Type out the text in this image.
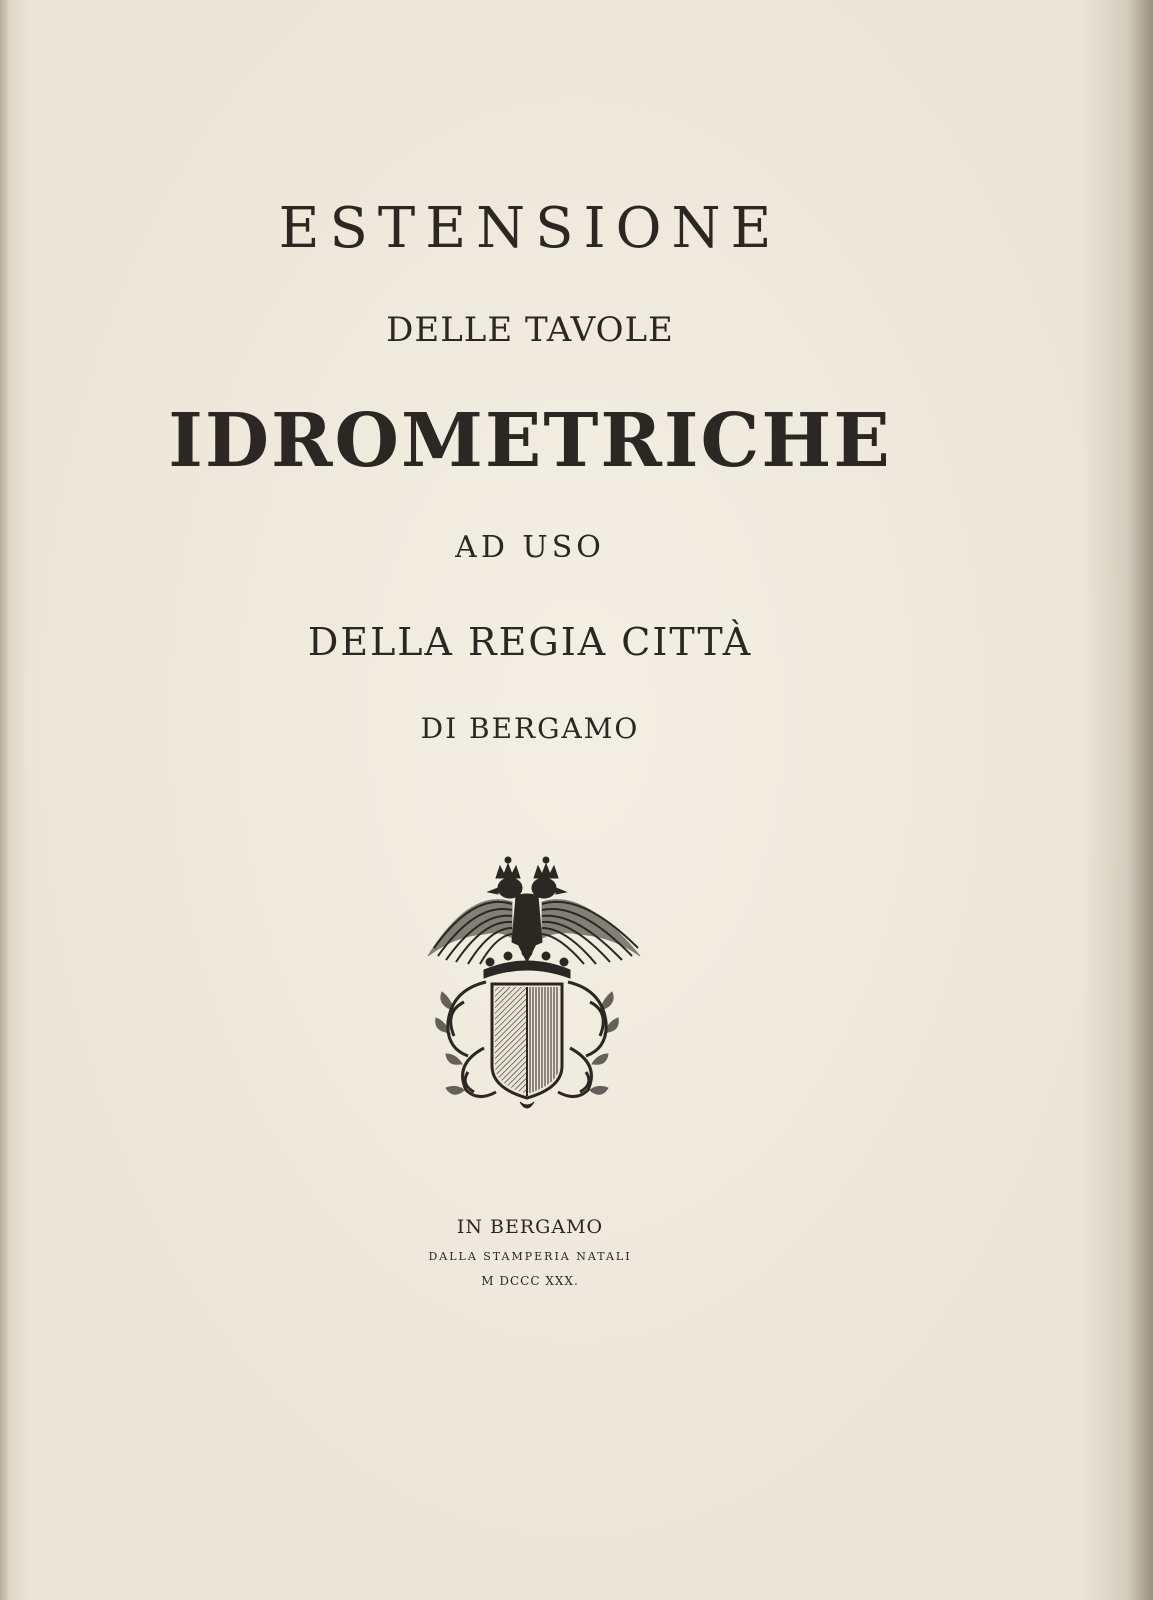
ESTENSIONE
DELLE TAVOLE
IDROMETRICHE
AD USO
DELLA REGIA CITTÀ
DI BERGAMO
IN BERGAMO
DALLA STAMPERIA NATALI
M DCCC XXX.
